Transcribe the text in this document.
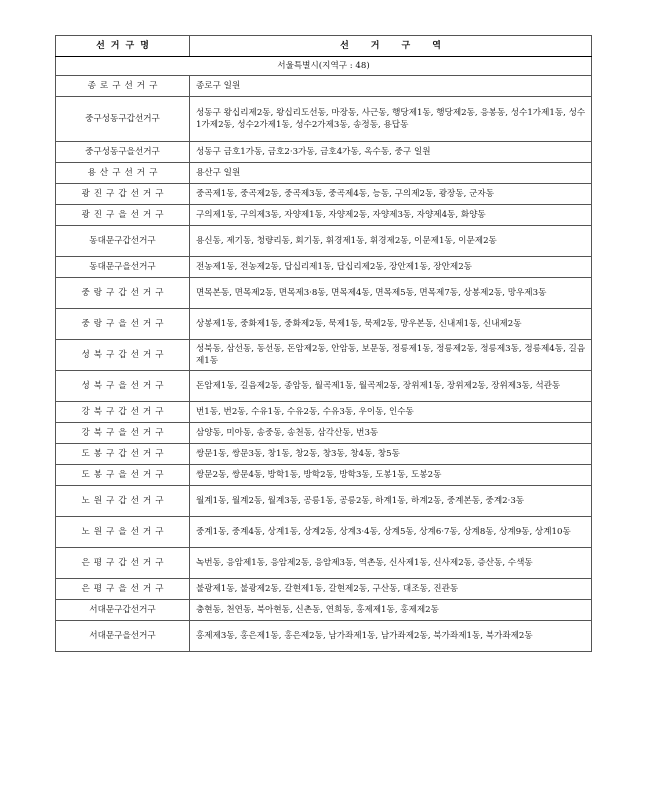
선거구명	선거구역
서울특별시(지역구 : 48)	
종로구선거구	종로구 일원
중구성동구갑선거구	성동구 왕십리제2동, 왕십리도선동, 마장동, 사근동, 행당제1동, 행당제2동, 응봉동, 성수1가제1동, 성수1가제2동, 성수2가제1동, 성수2가제3동, 송정동, 용답동
중구성동구을선거구	성동구 금호1가동, 금호2·3가동, 금호4가동, 옥수동, 중구 일원
용산구선거구	용산구 일원
광진구갑선거구	중곡제1동, 중곡제2동, 중곡제3동, 중곡제4동, 능동, 구의제2동, 광장동, 군자동
광진구을선거구	구의제1동, 구의제3동, 자양제1동, 자양제2동, 자양제3동, 자양제4동, 화양동
동대문구갑선거구	용신동, 제기동, 청량리동, 회기동, 휘경제1동, 휘경제2동, 이문제1동, 이문제2동
동대문구을선거구	전농제1동, 전농제2동, 답십리제1동, 답십리제2동, 장안제1동, 장안제2동
중랑구갑선거구	면목본동, 면목제2동, 면목제3·8동, 면목제4동, 면목제5동, 면목제7동, 상봉제2동, 망우제3동
중랑구을선거구	상봉제1동, 중화제1동, 중화제2동, 묵제1동, 묵제2동, 망우본동, 신내제1동, 신내제2동
성북구갑선거구	성북동, 삼선동, 동선동, 돈암제2동, 안암동, 보문동, 정릉제1동, 정릉제2동, 정릉제3동, 정릉제4동, 길음제1동
성북구을선거구	돈암제1동, 길음제2동, 종암동, 월곡제1동, 월곡제2동, 장위제1동, 장위제2동, 장위제3동, 석관동
강북구갑선거구	번1동, 번2동, 수유1동, 수유2동, 수유3동, 우이동, 인수동
강북구을선거구	삼양동, 미아동, 송중동, 송천동, 삼각산동, 번3동
도봉구갑선거구	쌍문1동, 쌍문3동, 창1동, 창2동, 창3동, 창4동, 창5동
도봉구을선거구	쌍문2동, 쌍문4동, 방학1동, 방학2동, 방학3동, 도봉1동, 도봉2동
노원구갑선거구	월계1동, 월계2동, 월계3동, 공릉1동, 공릉2동, 하계1동, 하계2동, 중계본동, 중계2·3동
노원구을선거구	중계1동, 중계4동, 상계1동, 상계2동, 상계3·4동, 상계5동, 상계6·7동, 상계8동, 상계9동, 상계10동
은평구갑선거구	녹번동, 응암제1동, 응암제2동, 응암제3동, 역촌동, 신사제1동, 신사제2동, 증산동, 수색동
은평구을선거구	불광제1동, 불광제2동, 갈현제1동, 갈현제2동, 구산동, 대조동, 진관동
서대문구갑선거구	충현동, 천연동, 북아현동, 신촌동, 연희동, 홍제제1동, 홍제제2동
서대문구을선거구	홍제제3동, 홍은제1동, 홍은제2동, 남가좌제1동, 남가좌제2동, 북가좌제1동, 북가좌제2동
